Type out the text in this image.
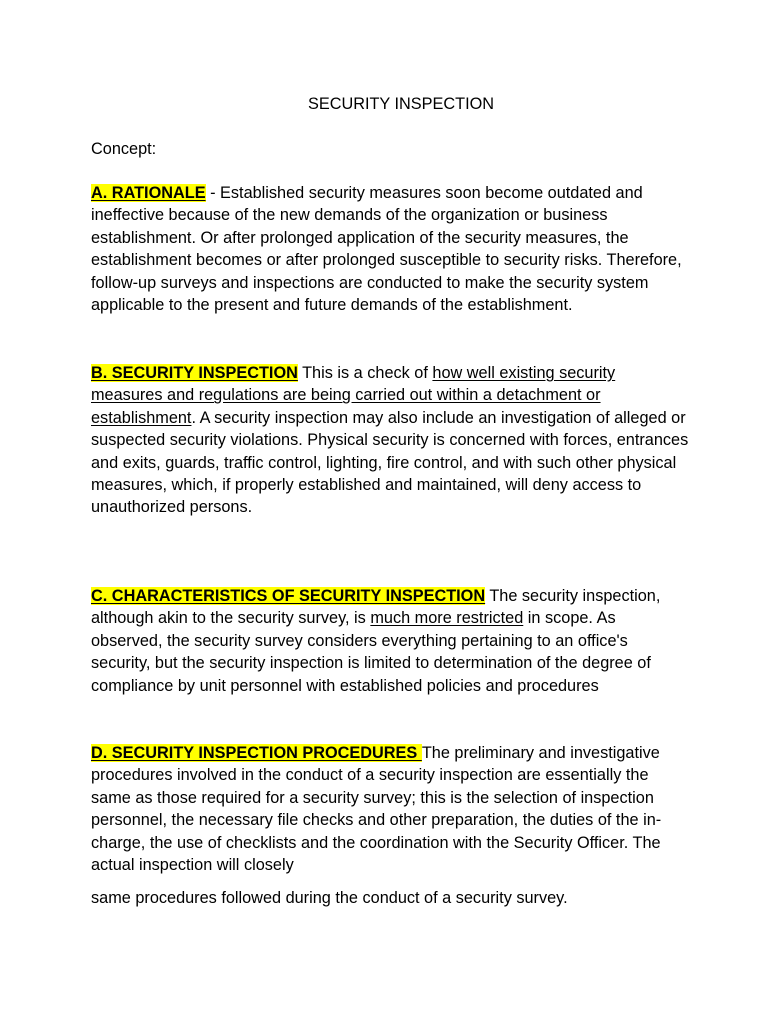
SECURITY INSPECTION

Concept:

A. RATIONALE - Established security measures soon become outdated and ineffective because of the new demands of the organization or business establishment. Or after prolonged application of the security measures, the establishment becomes or after prolonged susceptible to security risks. Therefore, follow-up surveys and inspections are conducted to make the security system applicable to the present and future demands of the establishment.

B. SECURITY INSPECTION This is a check of how well existing security measures and regulations are being carried out within a detachment or establishment. A security inspection may also include an investigation of alleged or suspected security violations. Physical security is concerned with forces, entrances and exits, guards, traffic control, lighting, fire control, and with such other physical measures, which, if properly established and maintained, will deny access to unauthorized persons.

C. CHARACTERISTICS OF SECURITY INSPECTION The security inspection, although akin to the security survey, is much more restricted in scope. As observed, the security survey considers everything pertaining to an office's security, but the security inspection is limited to determination of the degree of compliance by unit personnel with established policies and procedures

D. SECURITY INSPECTION PROCEDURES The preliminary and investigative procedures involved in the conduct of a security inspection are essentially the same as those required for a security survey; this is the selection of inspection personnel, the necessary file checks and other preparation, the duties of the in- charge, the use of checklists and the coordination with the Security Officer. The actual inspection will closely

same procedures followed during the conduct of a security survey.
